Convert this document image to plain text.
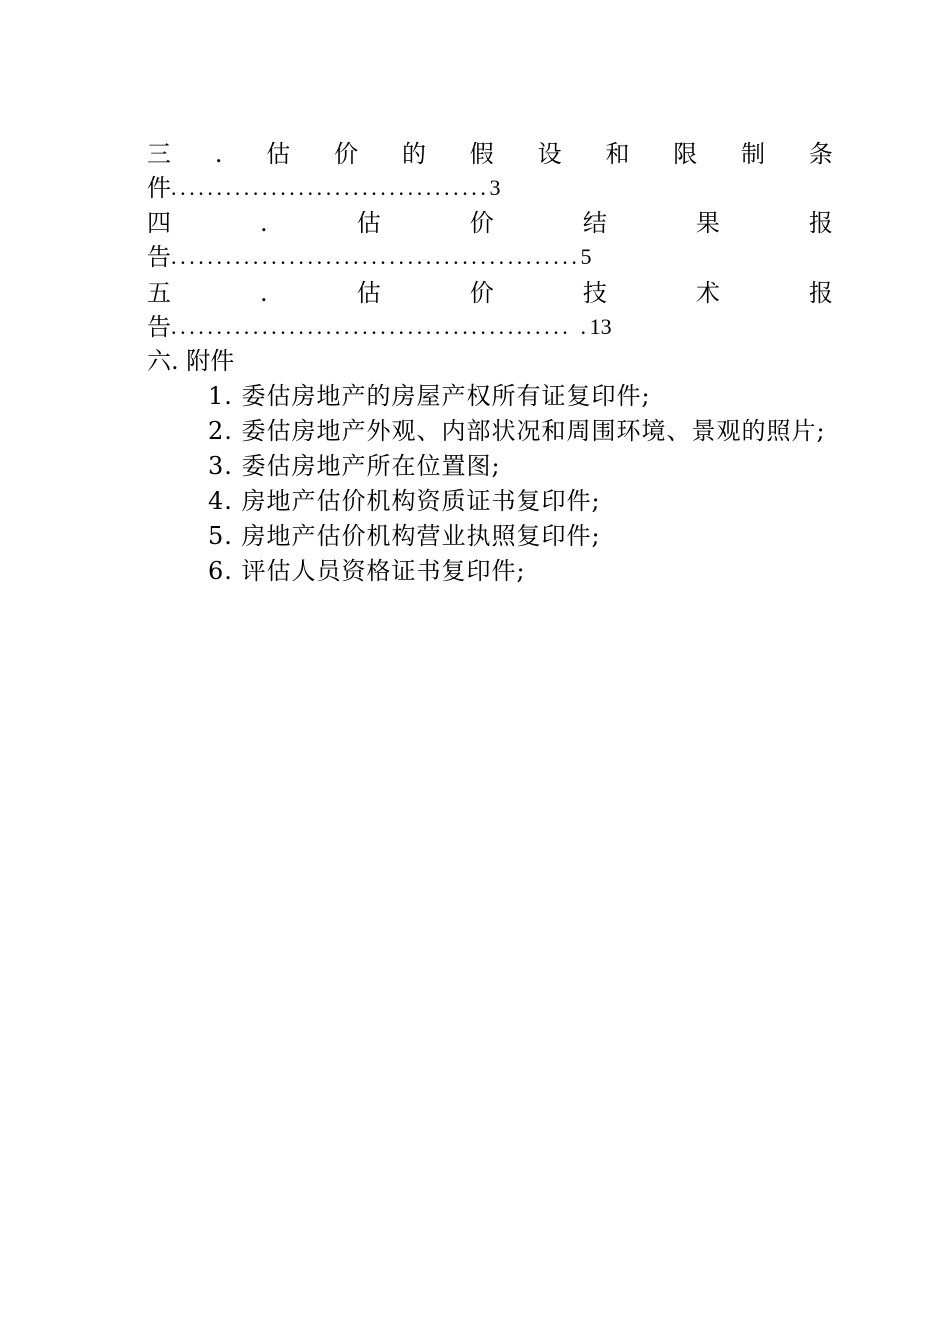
三 . 估 价 的 假 设 和 限 制 条
件 ................................... 3
四	.	估	价	结	果	报
告 ............................................. 5
五	.	估	价	技	术	报
告 ............................................ . 13
六. 附件
1. 委估房地产的房屋产权所有证复印件;
2. 委估房地产外观、内部状况和周围环境、景观的照片;
3. 委估房地产所在位置图;
4. 房地产估价机构资质证书复印件;
5. 房地产估价机构营业执照复印件;
6. 评估人员资格证书复印件;
